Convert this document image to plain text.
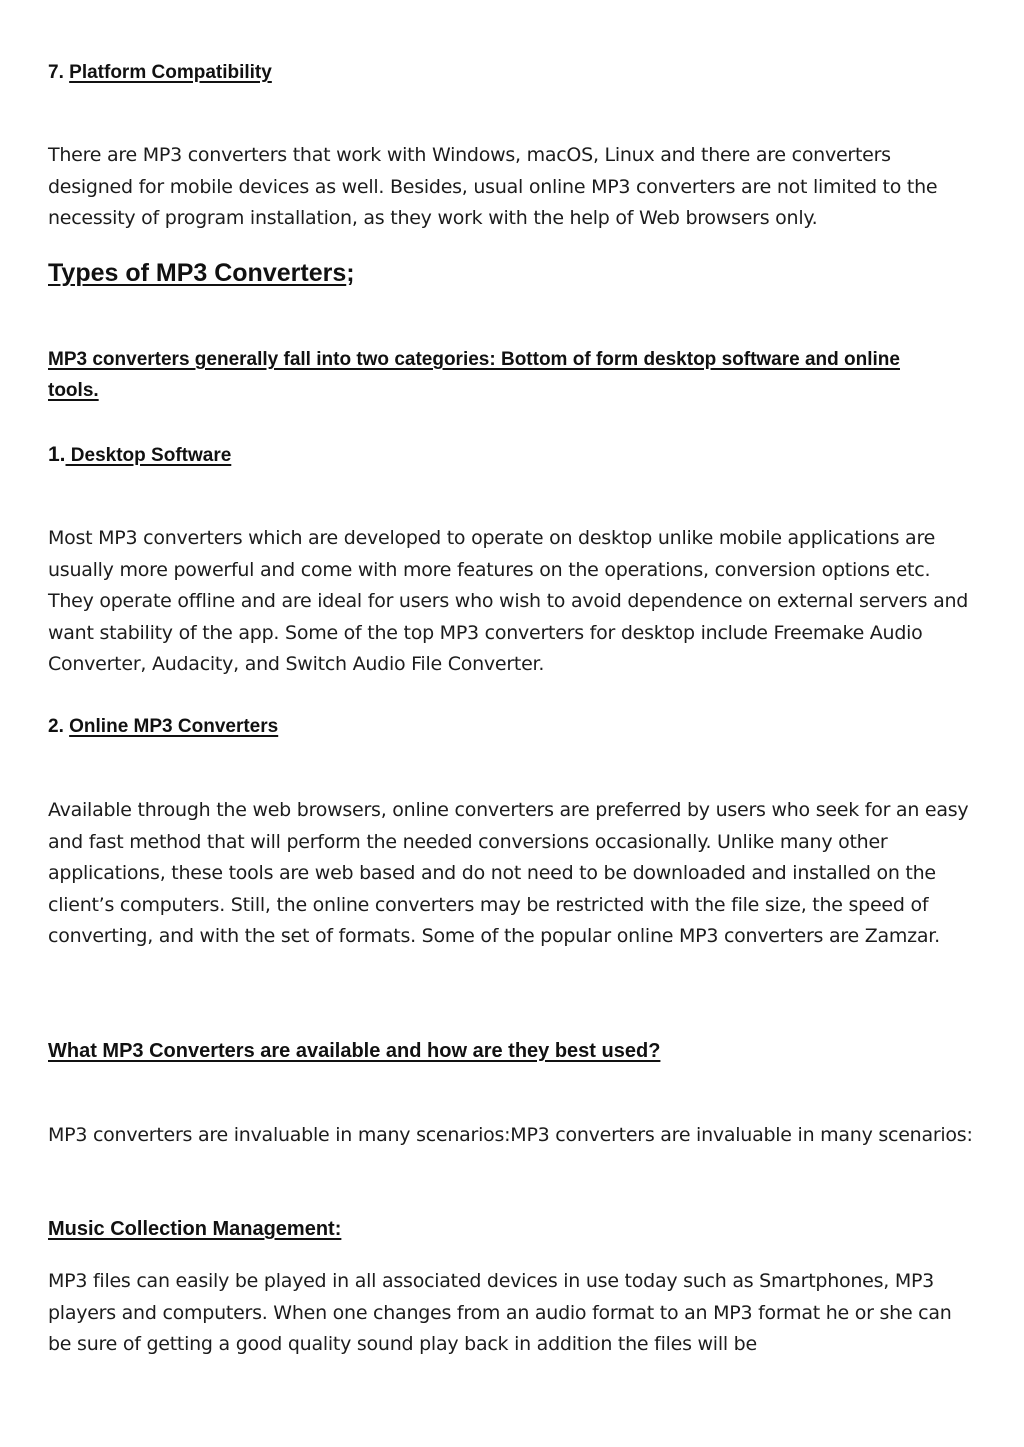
7. Platform Compatibility

There are MP3 converters that work with Windows, macOS, Linux and there are converters designed for mobile devices as well. Besides, usual online MP3 converters are not limited to the necessity of program installation, as they work with the help of Web browsers only.

Types of MP3 Converters;

MP3 converters generally fall into two categories: Bottom of form desktop software and online tools.

1. Desktop Software

Most MP3 converters which are developed to operate on desktop unlike mobile applications are usually more powerful and come with more features on the operations, conversion options etc. They operate offline and are ideal for users who wish to avoid dependence on external servers and want stability of the app. Some of the top MP3 converters for desktop include Freemake Audio Converter, Audacity, and Switch Audio File Converter.

2. Online MP3 Converters

Available through the web browsers, online converters are preferred by users who seek for an easy and fast method that will perform the needed conversions occasionally. Unlike many other applications, these tools are web based and do not need to be downloaded and installed on the client’s computers. Still, the online converters may be restricted with the file size, the speed of converting, and with the set of formats. Some of the popular online MP3 converters are Zamzar.

What MP3 Converters are available and how are they best used?

MP3 converters are invaluable in many scenarios:MP3 converters are invaluable in many scenarios:

Music Collection Management:

MP3 files can easily be played in all associated devices in use today such as Smartphones, MP3 players and computers. When one changes from an audio format to an MP3 format he or she can be sure of getting a good quality sound play back in addition the files will be
